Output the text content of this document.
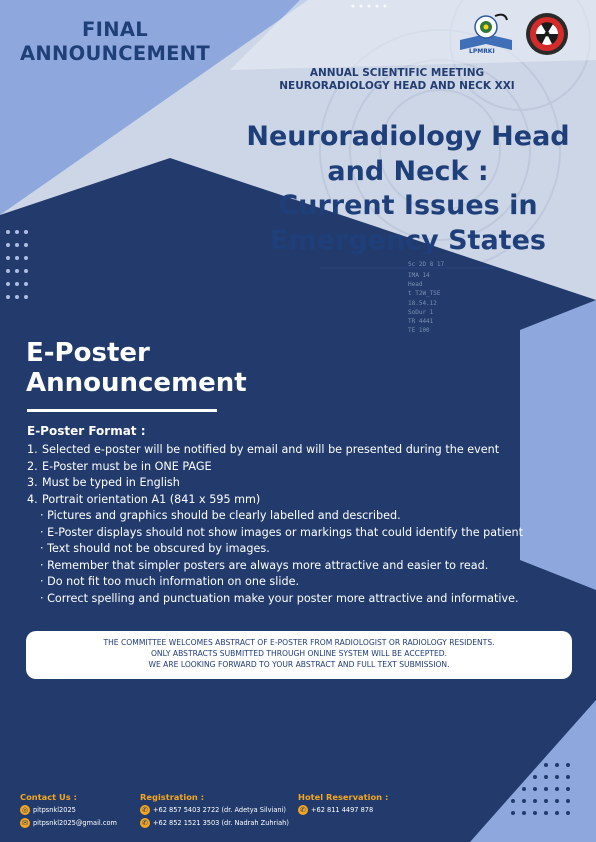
Sc 2D 8 17
IMA 14
Head
t T2W_TSE
18.54.12
SoDur 1
TR 4441
TE 100
LPMRKI
FINAL ANNOUNCEMENT
ANNUAL SCIENTIFIC MEETING
NEURORADIOLOGY HEAD AND NECK XXI
Neuroradiology Head
and Neck :
Current Issues in
Emergency States
E-Poster
Announcement
E-Poster Format :
1. Selected e-poster will be notified by email and will be presented during the event
2. E-Poster must be in ONE PAGE
3. Must be typed in English
4. Portrait orientation A1 (841 x 595 mm)
· Pictures and graphics should be clearly labelled and described.
· E-Poster displays should not show images or markings that could identify the patient
· Text should not be obscured by images.
· Remember that simpler posters are always more attractive and easier to read.
· Do not fit too much information on one slide.
· Correct spelling and punctuation make your poster more attractive and informative.
THE COMMITTEE WELCOMES ABSTRACT OF E-POSTER FROM RADIOLOGIST OR RADIOLOGY RESIDENTS.
ONLY ABSTRACTS SUBMITTED THROUGH ONLINE SYSTEM WILL BE ACCEPTED.
WE ARE LOOKING FORWARD TO YOUR ABSTRACT AND FULL TEXT SUBMISSION.
Contact Us :
◎ pitpsnkl2025
✉ pitpsnkl2025@gmail.com
Registration :
✆ +62 857 5403 2722 (dr. Adetya Silviani)
✆ +62 852 1521 3503 (dr. Nadrah Zuhriah)
Hotel Reservation :
✆ +62 811 4497 878
